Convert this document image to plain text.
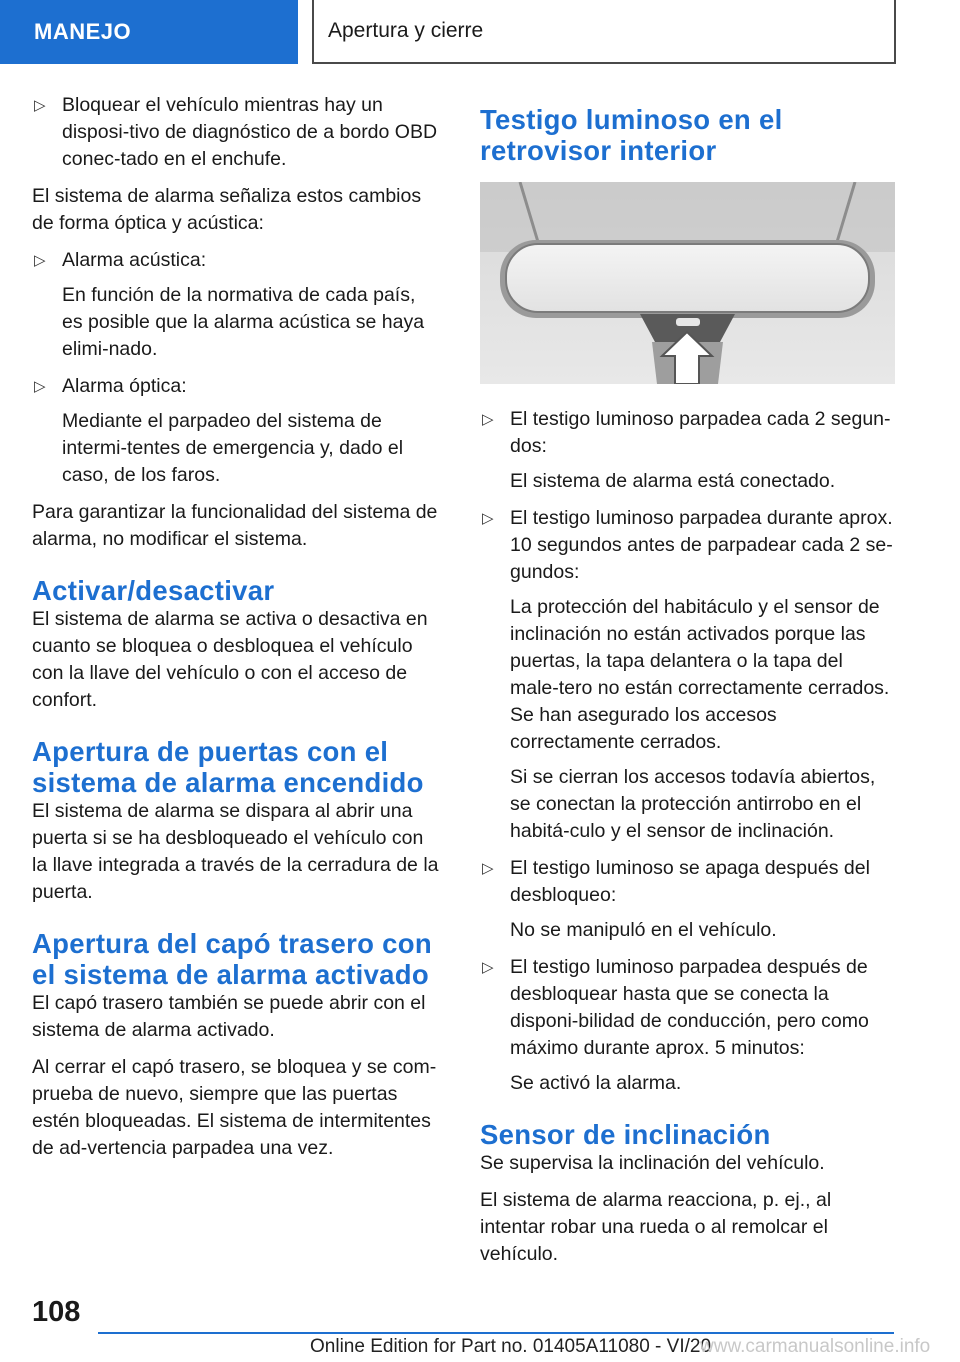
MANEJO	Apertura y cierre
▷ Bloquear el vehículo mientras hay un disposi-tivo de diagnóstico de a bordo OBD conec-tado en el enchufe.

El sistema de alarma señaliza estos cambios de forma óptica y acústica:

▷ Alarma acústica:

En función de la normativa de cada país, es posible que la alarma acústica se haya elimi-nado.

▷ Alarma óptica:

Mediante el parpadeo del sistema de intermi-tentes de emergencia y, dado el caso, de los faros.

Para garantizar la funcionalidad del sistema de alarma, no modificar el sistema.

Activar/desactivar

El sistema de alarma se activa o desactiva en cuanto se bloquea o desbloquea el vehículo con la llave del vehículo o con el acceso de confort.

Apertura de puertas con el sistema de alarma encendido

El sistema de alarma se dispara al abrir una puerta si se ha desbloqueado el vehículo con la llave integrada a través de la cerradura de la puerta.

Apertura del capó trasero con el sistema de alarma activado

El capó trasero también se puede abrir con el sistema de alarma activado.

Al cerrar el capó trasero, se bloquea y se com-prueba de nuevo, siempre que las puertas estén bloqueadas. El sistema de intermitentes de ad-vertencia parpadea una vez.

Testigo luminoso en el retrovisor interior
▷ El testigo luminoso parpadea cada 2 segun-dos:

El sistema de alarma está conectado.

▷ El testigo luminoso parpadea durante aprox. 10 segundos antes de parpadear cada 2 se-gundos:

La protección del habitáculo y el sensor de inclinación no están activados porque las puertas, la tapa delantera o la tapa del male-tero no están correctamente cerrados. Se han asegurado los accesos correctamente cerrados.

Si se cierran los accesos todavía abiertos, se conectan la protección antirrobo en el habitá-culo y el sensor de inclinación.

▷ El testigo luminoso se apaga después del desbloqueo:

No se manipuló en el vehículo.

▷ El testigo luminoso parpadea después de desbloquear hasta que se conecta la disponi-bilidad de conducción, pero como máximo durante aprox. 5 minutos:

Se activó la alarma.

Sensor de inclinación

Se supervisa la inclinación del vehículo.

El sistema de alarma reacciona, p. ej., al intentar robar una rueda o al remolcar el vehículo.

108
Online Edition for Part no. 01405A11080 - VI/20
www.carmanualsonline.info
